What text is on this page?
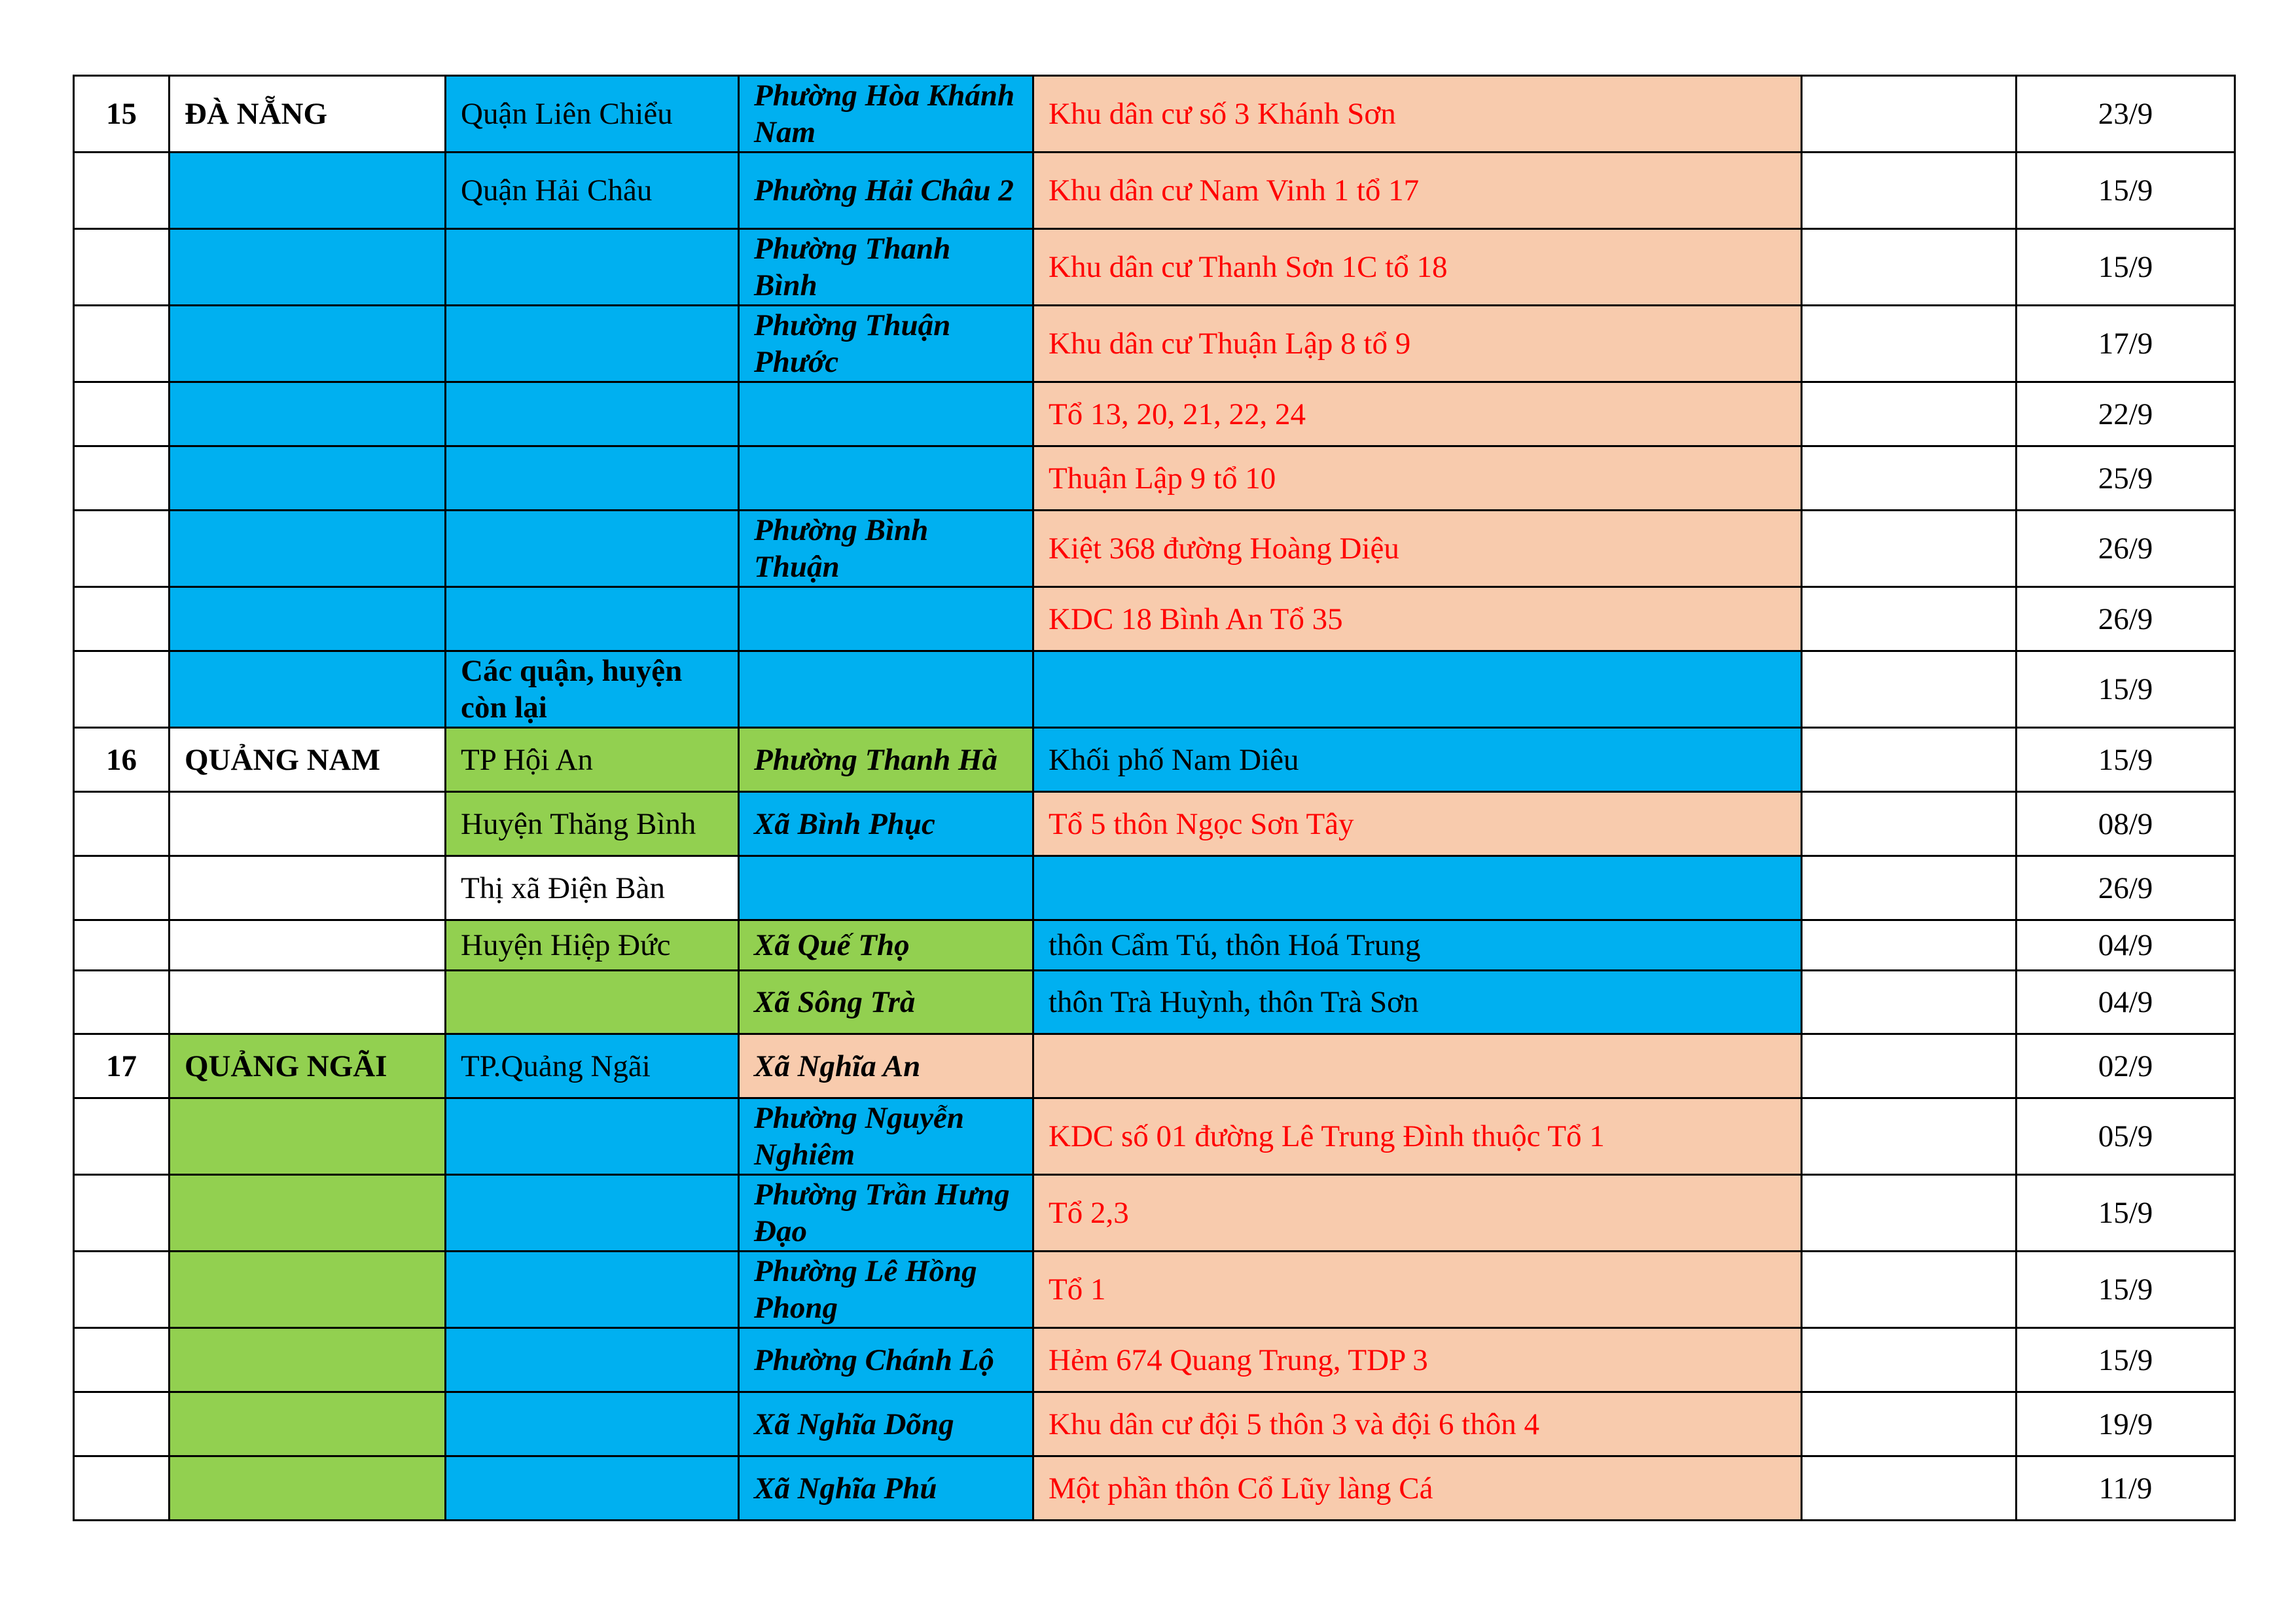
15	ĐÀ NẴNG	Quận Liên Chiểu	Phường Hòa Khánh Nam	Khu dân cư số 3 Khánh Sơn		23/9
		Quận Hải Châu	Phường Hải Châu 2	Khu dân cư Nam Vinh 1 tổ 17		15/9
			Phường Thanh Bình	Khu dân cư Thanh Sơn 1C tổ 18		15/9
			Phường Thuận Phước	Khu dân cư Thuận Lập 8 tổ 9		17/9
				Tổ 13, 20, 21, 22, 24		22/9
				Thuận Lập 9 tổ 10		25/9
			Phường Bình Thuận	Kiệt 368 đường Hoàng Diệu		26/9
				KDC 18 Bình An Tổ 35		26/9
		Các quận, huyện còn lại				15/9
16	QUẢNG NAM	TP Hội An	Phường Thanh Hà	Khối phố Nam Diêu		15/9
		Huyện Thăng Bình	Xã Bình Phục	Tổ 5 thôn Ngọc Sơn Tây		08/9
		Thị xã Điện Bàn				26/9
		Huyện Hiệp Đức	Xã Quế Thọ	thôn Cẩm Tú, thôn Hoá Trung		04/9
			Xã Sông Trà	thôn Trà Huỳnh, thôn Trà Sơn		04/9
17	QUẢNG NGÃI	TP.Quảng Ngãi	Xã Nghĩa An			02/9
			Phường Nguyễn Nghiêm	KDC số 01 đường Lê Trung Đình thuộc Tổ 1		05/9
			Phường Trần Hưng Đạo	Tổ 2,3		15/9
			Phường Lê Hồng Phong	Tổ 1		15/9
			Phường Chánh Lộ	Hẻm 674 Quang Trung, TDP 3		15/9
			Xã Nghĩa Dõng	Khu dân cư đội 5 thôn 3 và đội 6 thôn 4		19/9
			Xã Nghĩa Phú	Một phần thôn Cổ Lũy làng Cá		11/9
